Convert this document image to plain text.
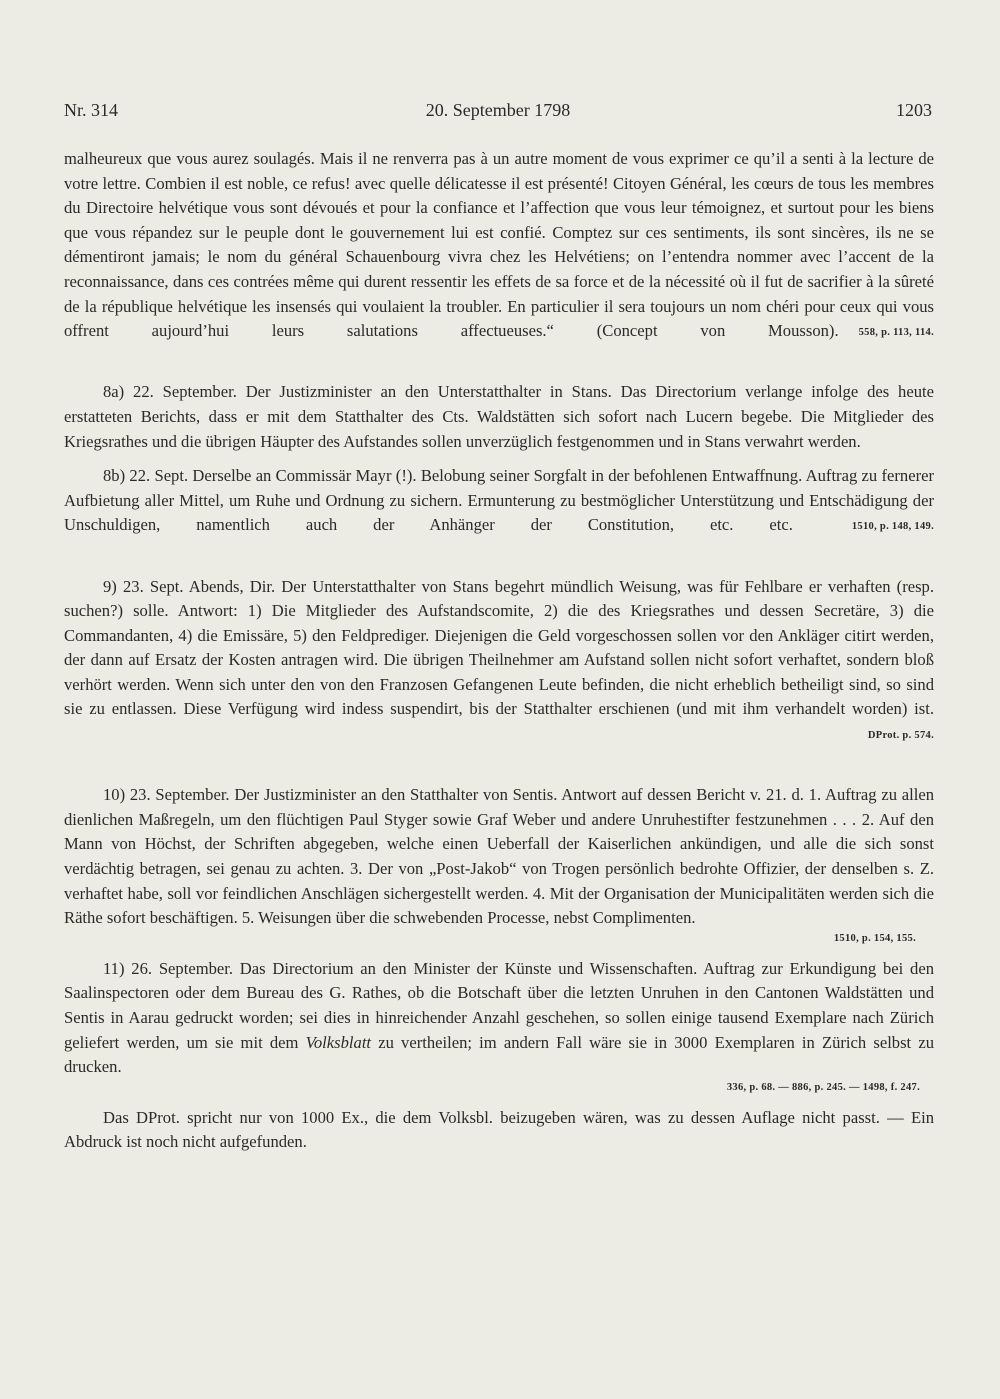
Nr. 314	20. September 1798	1203

malheureux que vous aurez soulagés. Mais il ne renverra pas à un autre moment de vous exprimer ce qu’il a senti à la lecture de votre lettre. Combien il est noble, ce refus! avec quelle délicatesse il est présenté! Citoyen Général, les cœurs de tous les membres du Directoire helvétique vous sont dévoués et pour la confiance et l’affection que vous leur témoignez, et surtout pour les biens que vous répandez sur le peuple dont le gouvernement lui est confié. Comptez sur ces sentiments, ils sont sincères, ils ne se démentiront jamais; le nom du général Schauenbourg vivra chez les Helvétiens; on l’entendra nommer avec l’accent de la reconnaissance, dans ces contrées même qui durent ressentir les effets de sa force et de la nécessité où il fut de sacrifier à la sûreté de la république helvétique les insensés qui voulaient la troubler. En particulier il sera toujours un nom chéri pour ceux qui vous offrent aujourd’hui leurs salutations affectueuses.“ (Concept von Mousson). 558, p. 113, 114.

8a) 22. September. Der Justizminister an den Unterstatthalter in Stans. Das Directorium verlange infolge des heute erstatteten Berichts, dass er mit dem Statthalter des Cts. Waldstätten sich sofort nach Lucern begebe. Die Mitglieder des Kriegsrathes und die übrigen Häupter des Aufstandes sollen unverzüglich festgenommen und in Stans verwahrt werden.

8b) 22. Sept. Derselbe an Commissär Mayr (!). Belobung seiner Sorgfalt in der befohlenen Entwaffnung. Auftrag zu fernerer Aufbietung aller Mittel, um Ruhe und Ordnung zu sichern. Ermunterung zu bestmöglicher Unterstützung und Entschädigung der Unschuldigen, namentlich auch der Anhänger der Constitution, etc. etc.	1510, p. 148, 149.

9) 23. Sept. Abends, Dir. Der Unterstatthalter von Stans begehrt mündlich Weisung, was für Fehlbare er verhaften (resp. suchen?) solle. Antwort: 1) Die Mitglieder des Aufstandscomite, 2) die des Kriegsrathes und dessen Secretäre, 3) die Commandanten, 4) die Emissäre, 5) den Feldprediger. Diejenigen die Geld vorgeschossen sollen vor den Ankläger citirt werden, der dann auf Ersatz der Kosten antragen wird. Die übrigen Theilnehmer am Aufstand sollen nicht sofort verhaftet, sondern bloß verhört werden. Wenn sich unter den von den Franzosen Gefangenen Leute befinden, die nicht erheblich betheiligt sind, so sind sie zu entlassen. Diese Verfügung wird indess suspendirt, bis der Statthalter erschienen (und mit ihm verhandelt worden) ist.
DProt. p. 574.

10) 23. September. Der Justizminister an den Statthalter von Sentis. Antwort auf dessen Bericht v. 21. d. 1. Auftrag zu allen dienlichen Maßregeln, um den flüchtigen Paul Styger sowie Graf Weber und andere Unruhestifter festzunehmen . . . 2. Auf den Mann von Höchst, der Schriften abgegeben, welche einen Ueberfall der Kaiserlichen ankündigen, und alle die sich sonst verdächtig betragen, sei genau zu achten. 3. Der von „Post-Jakob“ von Trogen persönlich bedrohte Offizier, der denselben s. Z. verhaftet habe, soll vor feindlichen Anschlägen sichergestellt werden. 4. Mit der Organisation der Municipalitäten werden sich die Räthe sofort beschäftigen. 5. Weisungen über die schwebenden Processe, nebst Complimenten.

1510, p. 154, 155.

11) 26. September. Das Directorium an den Minister der Künste und Wissenschaften. Auftrag zur Erkundigung bei den Saalinspectoren oder dem Bureau des G. Rathes, ob die Botschaft über die letzten Unruhen in den Cantonen Waldstätten und Sentis in Aarau gedruckt worden; sei dies in hinreichender Anzahl geschehen, so sollen einige tausend Exemplare nach Zürich geliefert werden, um sie mit dem Volksblatt zu vertheilen; im andern Fall wäre sie in 3000 Exemplaren in Zürich selbst zu drucken.

336, p. 68. — 886, p. 245. — 1498, f. 247.

Das DProt. spricht nur von 1000 Ex., die dem Volksbl. beizugeben wären, was zu dessen Auflage nicht passt. — Ein Abdruck ist noch nicht aufgefunden.
